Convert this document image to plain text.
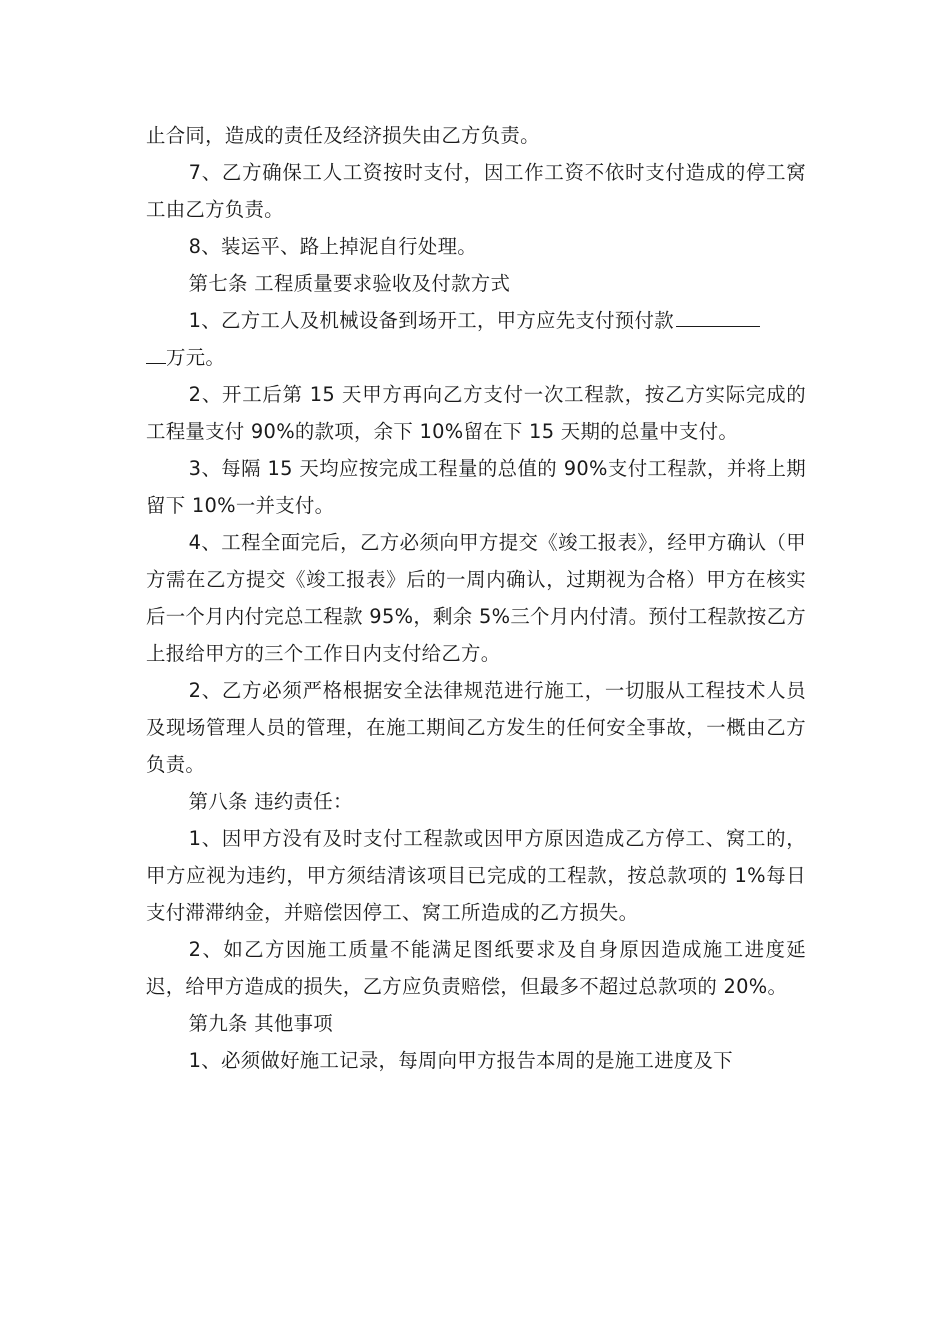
止合同，造成的责任及经济损失由乙方负责。

7、乙方确保工人工资按时支付，因工作工资不依时支付造成的停工窝工由乙方负责。

8、装运平、路上掉泥自行处理。

第七条 工程质量要求验收及付款方式

1、乙方工人及机械设备到场开工，甲方应先支付预付款

万元。

2、开工后第 15 天甲方再向乙方支付一次工程款，按乙方实际完成的工程量支付 90%的款项，余下 10%留在下 15 天期的总量中支付。

3、每隔 15 天均应按完成工程量的总值的 90%支付工程款，并将上期留下 10%一并支付。

4、工程全面完后，乙方必须向甲方提交《竣工报表》，经甲方确认（甲方需在乙方提交《竣工报表》后的一周内确认，过期视为合格）甲方在核实后一个月内付完总工程款 95%，剩余 5%三个月内付清。预付工程款按乙方上报给甲方的三个工作日内支付给乙方。

2、乙方必须严格根据安全法律规范进行施工，一切服从工程技术人员及现场管理人员的管理，在施工期间乙方发生的任何安全事故，一概由乙方负责。

第八条 违约责任：

1、因甲方没有及时支付工程款或因甲方原因造成乙方停工、窝工的，甲方应视为违约，甲方须结清该项目已完成的工程款，按总款项的 1%每日支付滞滞纳金，并赔偿因停工、窝工所造成的乙方损失。

2、如乙方因施工质量不能满足图纸要求及自身原因造成施工进度延迟，给甲方造成的损失，乙方应负责赔偿，但最多不超过总款项的 20%。

第九条 其他事项

1、必须做好施工记录，每周向甲方报告本周的是施工进度及下
